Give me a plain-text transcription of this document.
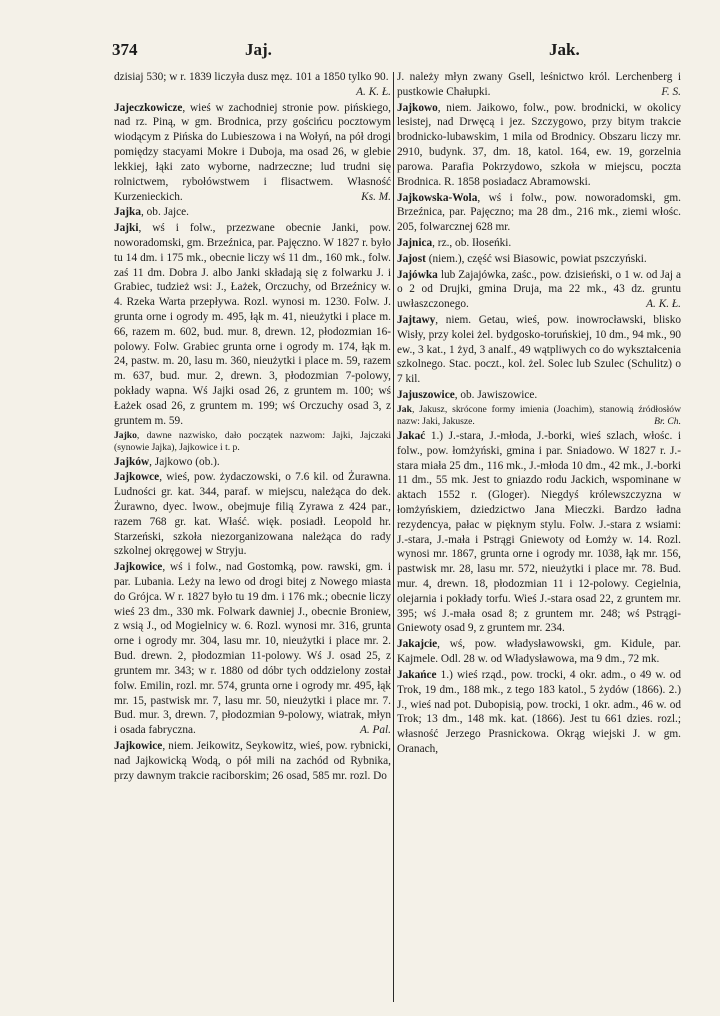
374	Jaj.	Jak.
dzisiaj 530; w r. 1839 liczyła dusz męz. 101 a 1850 tylko 90.
A. K. Ł.
Jajeczkowicze, wieś w zachodniej stronie pow. pińskiego, nad rz. Piną, w gm. Brodnica, przy gościńcu pocztowym wiodącym z Pińska do Lubieszowa i na Wołyń, na pół drogi pomiędzy stacyami Mokre i Duboja, ma osad 26, w glebie lekkiej, łąki zato wyborne, nadrzeczne; lud trudni się rolnictwem, rybołówstwem i flisactwem. Własność Kurzenieckich.	Ks. M.
Jajka, ob. Jajce.
Jajki, wś i folw., przezwane obecnie Janki, pow. noworadomski, gm. Brzeźnica, par. Pajęczno. W 1827 r. było tu 14 dm. i 175 mk., obecnie liczy wś 11 dm., 160 mk., folw. zaś 11 dm. Dobra J. albo Janki składają się z folwarku J. i Grabiec, tudzież wsi: J., Łażek, Orczuchy, od Brzeźnicy w. 4. Rzeka Warta przepływa. Rozl. wynosi m. 1230. Folw. J. grunta orne i ogrody m. 495, łąk m. 41, nieużytki i place m. 66, razem m. 602, bud. mur. 8, drewn. 12, płodozmian 16-polowy. Folw. Grabiec grunta orne i ogrody m. 174, łąk m. 24, pastw. m. 20, lasu m. 360, nieużytki i place m. 59, razem m. 637, bud. mur. 2, drewn. 3, płodozmian 7-polowy, pokłady wapna. Wś Jajki osad 26, z gruntem m. 100; wś Łażek osad 26, z gruntem m. 199; wś Orczuchy osad 3, z gruntem m. 59.
Jajko, dawne nazwisko, dało początek nazwom: Jajki, Jajczaki (synowie Jajka), Jajkowice i t. p.
Jajków, Jajkowo (ob.).
Jajkowce, wieś, pow. żydaczowski, o 7.6 kil. od Żurawna. Ludności gr. kat. 344, paraf. w miejscu, należąca do dek. Żurawno, dyec. lwow., obejmuje filią Zyrawa z 424 par., razem 768 gr. kat. Właść. więk. posiadł. Leopold hr. Starzeński, szkoła niezorganizowana należąca do rady szkolnej okręgowej w Stryju.
Jajkowice, wś i folw., nad Gostomką, pow. rawski, gm. i par. Lubania. Leży na lewo od drogi bitej z Nowego miasta do Grójca. W r. 1827 było tu 19 dm. i 176 mk.; obecnie liczy wieś 23 dm., 330 mk. Folwark dawniej J., obecnie Broniew, z wsią J., od Mogielnicy w. 6. Rozl. wynosi mr. 316, grunta orne i ogrody mr. 304, lasu mr. 10, nieużytki i place mr. 2. Bud. drewn. 2, płodozmian 11-polowy. Wś J. osad 25, z gruntem mr. 343; w r. 1880 od dóbr tych oddzielony został folw. Emilin, rozl. mr. 574, grunta orne i ogrody mr. 495, łąk mr. 15, pastwisk mr. 7, lasu mr. 50, nieużytki i place mr. 7. Bud. mur. 3, drewn. 7, płodozmian 9-polowy, wiatrak, młyn i osada fabryczna.	A. Pal.
Jajkowice, niem. Jeikowitz, Seykowitz, wieś, pow. rybnicki, nad Jajkowicką Wodą, o pół mili na zachód od Rybnika, przy dawnym trakcie raciborskim; 26 osad, 585 mr. rozl. Do
J. należy młyn zwany Gsell, leśnictwo król. Lerchenberg i pustkowie Chałupki.	F. S.
Jajkowo, niem. Jaikowo, folw., pow. brodnicki, w okolicy lesistej, nad Drwęcą i jez. Szczygowo, przy bitym trakcie brodnicko-lubawskim, 1 mila od Brodnicy. Obszaru liczy mr. 2910, budynk. 37, dm. 18, katol. 164, ew. 19, gorzelnia parowa. Parafia Pokrzydowo, szkoła w miejscu, poczta Brodnica. R. 1858 posiadacz Abramowski.
Jajkowska-Wola, wś i folw., pow. noworadomski, gm. Brzeźnica, par. Pajęczno; ma 28 dm., 216 mk., ziemi włośc. 205, folwarcznej 628 mr.
Jajnica, rz., ob. Iłoseńki.
Jajost (niem.), część wsi Biasowic, powiat pszczyński.
Jajówka lub Zajajówka, zaśc., pow. dzisieński, o 1 w. od Jaj a o 2 od Drujki, gmina Druja, ma 22 mk., 43 dz. gruntu uwłaszczonego.	A. K. Ł.
Jajtawy, niem. Getau, wieś, pow. inowrocławski, blisko Wisły, przy kolei żel. bydgosko-toruńskiej, 10 dm., 94 mk., 90 ew., 3 kat., 1 żyd, 3 analf., 49 wątpliwych co do wykształcenia szkolnego. Stac. poczt., kol. żel. Solec lub Szulec (Schulitz) o 7 kil.
Jajuszowice, ob. Jawiszowice.
Jak, Jakusz, skrócone formy imienia (Joachim), stanowią źródłosłów nazw: Jaki, Jakusze.	Br. Ch.
Jakać 1.) J.-stara, J.-młoda, J.-borki, wieś szlach, włośc. i folw., pow. łomżyński, gmina i par. Sniadowo. W 1827 r. J.-stara miała 25 dm., 116 mk., J.-młoda 10 dm., 42 mk., J.-borki 11 dm., 55 mk. Jest to gniazdo rodu Jackich, wspominane w aktach 1552 r. (Gloger). Niegdyś królewszczyzna w łomżyńskiem, dziedzictwo Jana Mieczki. Bardzo ładna rezydencya, pałac w pięknym stylu. Folw. J.-stara z wsiami: J.-stara, J.-mała i Pstrągi Gniewoty od Łomży w. 14. Rozl. wynosi mr. 1867, grunta orne i ogrody mr. 1038, łąk mr. 156, pastwisk mr. 28, lasu mr. 572, nieużytki i place mr. 78. Bud. mur. 4, drewn. 18, płodozmian 11 i 12-polowy. Cegielnia, olejarnia i pokłady torfu. Wieś J.-stara osad 22, z gruntem mr. 395; wś J.-mała osad 8; z gruntem mr. 248; wś Pstrągi-Gniewoty osad 9, z gruntem mr. 234.
Jakajcie, wś, pow. władysławowski, gm. Kidule, par. Kajmele. Odl. 28 w. od Władysławowa, ma 9 dm., 72 mk.
Jakańce 1.) wieś rząd., pow. trocki, 4 okr. adm., o 49 w. od Trok, 19 dm., 188 mk., z tego 183 katol., 5 żydów (1866). 2.) J., wieś nad pot. Dubopisią, pow. trocki, 1 okr. adm., 46 w. od Trok; 13 dm., 148 mk. kat. (1866). Jest tu 661 dzies. rozl.; własność Jerzego Prasnickowa. Okrąg wiejski J. w gm. Oranach,
